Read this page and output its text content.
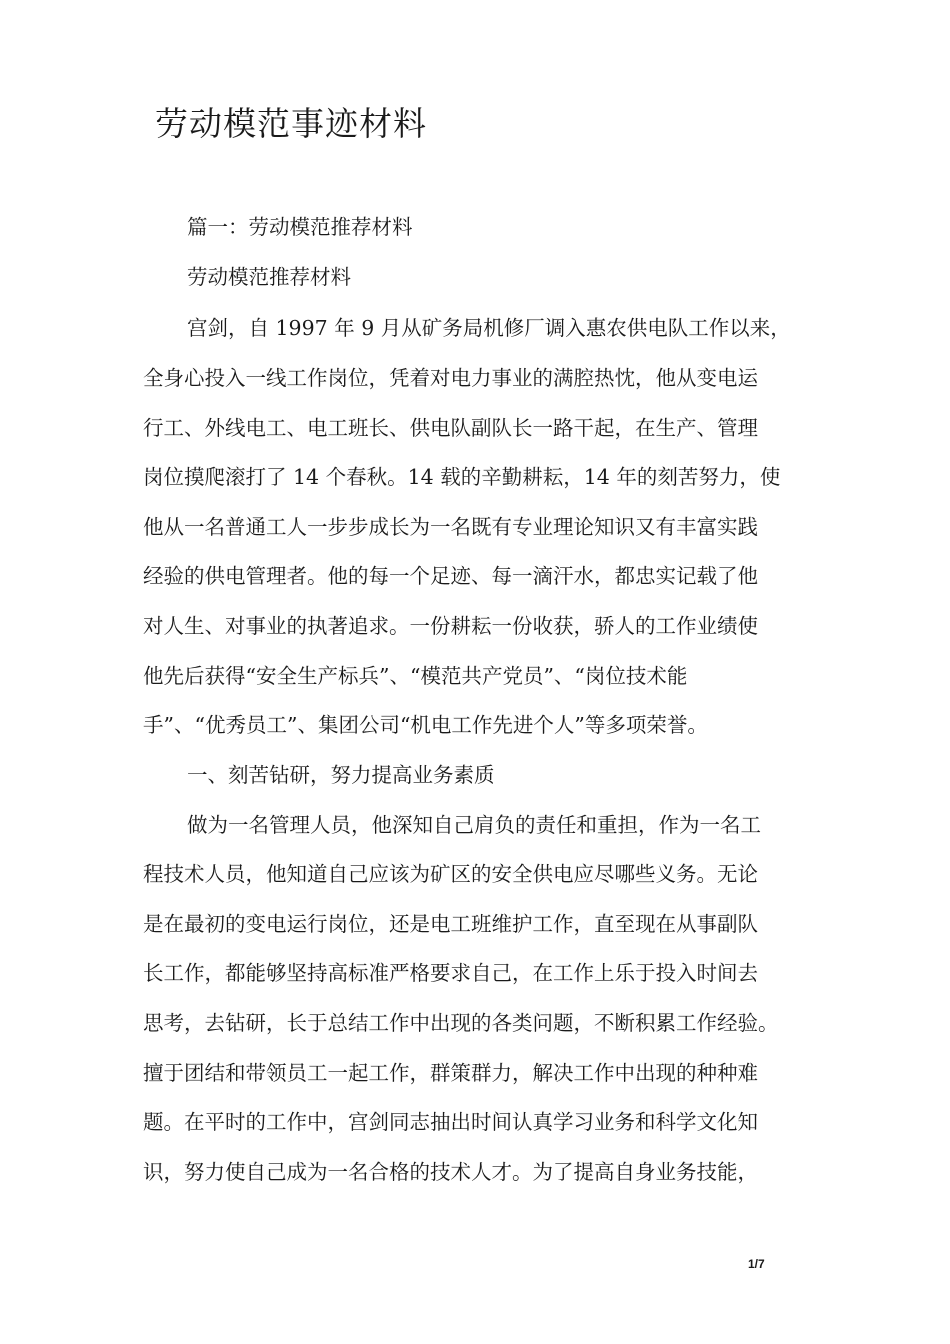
劳动模范事迹材料

篇一：劳动模范推荐材料

劳动模范推荐材料

宫剑，自 1997 年 9 月从矿务局机修厂调入惠农供电队工作以来，

全身心投入一线工作岗位，凭着对电力事业的满腔热忱，他从变电运

行工、外线电工、电工班长、供电队副队长一路干起，在生产、管理

岗位摸爬滚打了 14 个春秋。14 载的辛勤耕耘，14 年的刻苦努力，使

他从一名普通工人一步步成长为一名既有专业理论知识又有丰富实践

经验的供电管理者。他的每一个足迹、每一滴汗水，都忠实记载了他

对人生、对事业的执著追求。一份耕耘一份收获，骄人的工作业绩使

他先后获得“安全生产标兵”、“模范共产党员”、“岗位技术能

手”、“优秀员工”、集团公司“机电工作先进个人”等多项荣誉。

一、刻苦钻研，努力提高业务素质

做为一名管理人员，他深知自己肩负的责任和重担，作为一名工

程技术人员，他知道自己应该为矿区的安全供电应尽哪些义务。无论

是在最初的变电运行岗位，还是电工班维护工作，直至现在从事副队

长工作，都能够坚持高标准严格要求自己，在工作上乐于投入时间去

思考，去钻研，长于总结工作中出现的各类问题，不断积累工作经验。

擅于团结和带领员工一起工作，群策群力，解决工作中出现的种种难

题。在平时的工作中，宫剑同志抽出时间认真学习业务和科学文化知

识，努力使自己成为一名合格的技术人才。为了提高自身业务技能，

1/7
